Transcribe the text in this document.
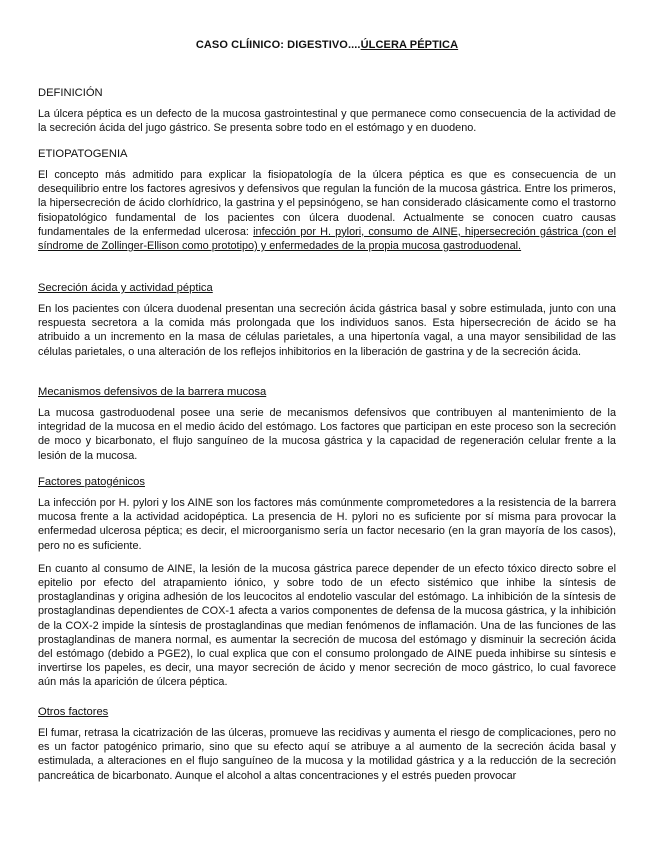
CASO CLÍINICO: DIGESTIVO....ÚLCERA PÉPTICA
DEFINICIÓN

La úlcera péptica es un defecto de la mucosa gastrointestinal y que permanece como consecuencia de la actividad de la secreción ácida del jugo gástrico. Se presenta sobre todo en el estómago y en duodeno.

ETIOPATOGENIA

El concepto más admitido para explicar la fisiopatología de la úlcera péptica es que es consecuencia de un desequilibrio entre los factores agresivos y defensivos que regulan la función de la mucosa gástrica. Entre los primeros, la hipersecreción de ácido clorhídrico, la gastrina y el pepsinógeno, se han considerado clásicamente como el trastorno fisiopatológico fundamental de los pacientes con úlcera duodenal. Actualmente se conocen cuatro causas fundamentales de la enfermedad ulcerosa: infección por H. pylori, consumo de AINE, hipersecreción gástrica (con el síndrome de Zollinger-Ellison como prototipo) y enfermedades de la propia mucosa gastroduodenal.

Secreción ácida y actividad péptica

En los pacientes con úlcera duodenal presentan una secreción ácida gástrica basal y sobre estimulada, junto con una respuesta secretora a la comida más prolongada que los individuos sanos. Esta hipersecreción de ácido se ha atribuido a un incremento en la masa de células parietales, a una hipertonía vagal, a una mayor sensibilidad de las células parietales, o una alteración de los reflejos inhibitorios en la liberación de gastrina y de la secreción ácida.

Mecanismos defensivos de la barrera mucosa

La mucosa gastroduodenal posee una serie de mecanismos defensivos que contribuyen al mantenimiento de la integridad de la mucosa en el medio ácido del estómago. Los factores que participan en este proceso son la secreción de moco y bicarbonato, el flujo sanguíneo de la mucosa gástrica y la capacidad de regeneración celular frente a la lesión de la mucosa.

Factores patogénicos

La infección por H. pylori y los AINE son los factores más comúnmente comprometedores a la resistencia de la barrera mucosa frente a la actividad acidopéptica. La presencia de H. pylori no es suficiente por sí misma para provocar la enfermedad ulcerosa péptica; es decir, el microorganismo sería un factor necesario (en la gran mayoría de los casos), pero no es suficiente.

En cuanto al consumo de AINE, la lesión de la mucosa gástrica parece depender de un efecto tóxico directo sobre el epitelio por efecto del atrapamiento iónico, y sobre todo de un efecto sistémico que inhibe la síntesis de prostaglandinas y origina adhesión de los leucocitos al endotelio vascular del estómago. La inhibición de la síntesis de prostaglandinas dependientes de COX-1 afecta a varios componentes de defensa de la mucosa gástrica, y la inhibición de la COX-2 impide la síntesis de prostaglandinas que median fenómenos de inflamación. Una de las funciones de las prostaglandinas de manera normal, es aumentar la secreción de mucosa del estómago y disminuir la secreción ácida del estómago (debido a PGE2), lo cual explica que con el consumo prolongado de AINE pueda inhibirse su síntesis e invertirse los papeles, es decir, una mayor secreción de ácido y menor secreción de moco gástrico, lo cual favorece aún más la aparición de úlcera péptica.

Otros factores

El fumar, retrasa la cicatrización de las úlceras, promueve las recidivas y aumenta el riesgo de complicaciones, pero no es un factor patogénico primario, sino que su efecto aquí se atribuye a al aumento de la secreción ácida basal y estimulada, a alteraciones en el flujo sanguíneo de la mucosa y la motilidad gástrica y a la reducción de la secreción pancreática de bicarbonato. Aunque el alcohol a altas concentraciones y el estrés pueden provocar
